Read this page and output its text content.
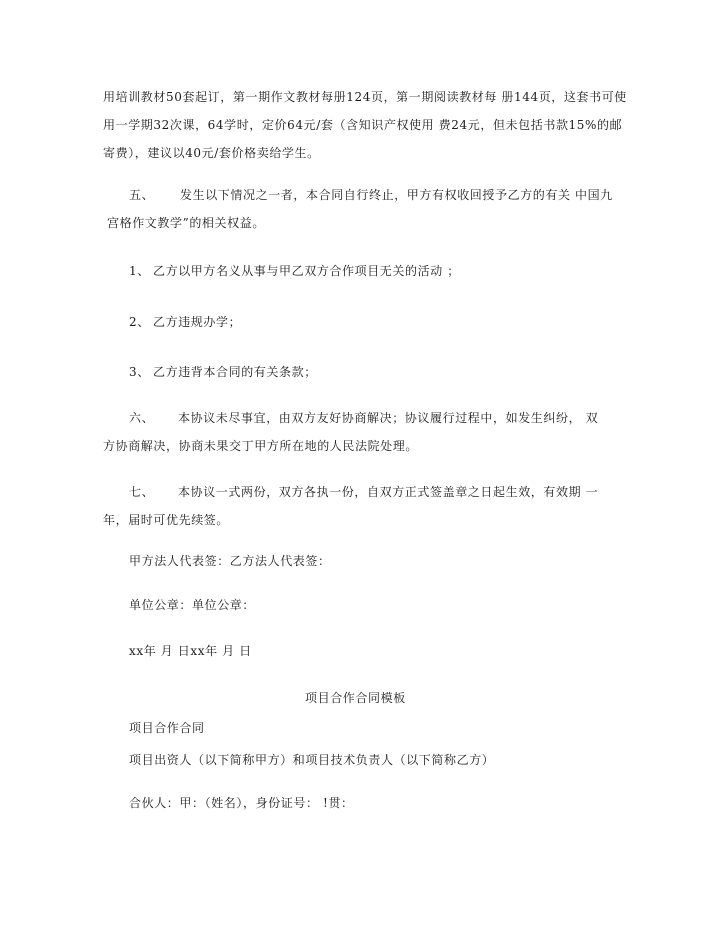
用培训教材50套起订，第一期作文教材每册124页，第一期阅读教材每 册144页，这套书可使
用一学期32次课，64学时，定价64元/套（含知识产权使用 费24元，但未包括书款15%的邮
寄费），建议以40元/套价格卖给学生。
五、 发生以下情况之一者，本合同自行终止，甲方有权收回授予乙方的有关 中国九
宫格作文教学”的相关权益。
1、 乙方以甲方名义从事与甲乙双方合作项目无关的活动 ；
2、 乙方违规办学；
3、 乙方违背本合同的有关条款；
六、 本协议未尽事宜，由双方友好协商解决；协议履行过程中，如发生纠纷， 双
方协商解决，协商未果交丁甲方所在地的人民法院处理。
七、 本协议一式两份，双方各执一份，自双方正式签盖章之日起生效，有效期 一
年，届时可优先续签。
甲方法人代表签：乙方法人代表签：
单位公章：单位公章：
xx年 月 日xx年 月 日
项目合作合同模板
项目合作合同
项目出资人（以下简称甲方）和项目技术负责人（以下简称乙方）
合伙人：甲：（姓名），身份证号： !贯：
